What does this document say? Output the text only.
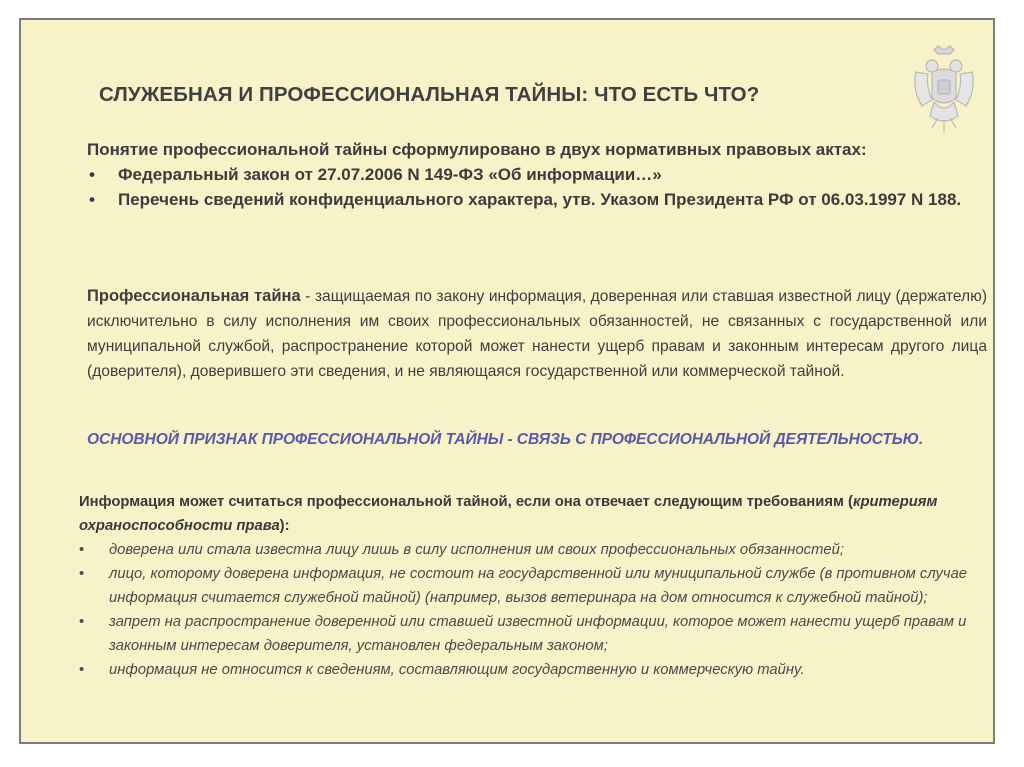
СЛУЖЕБНАЯ И ПРОФЕССИОНАЛЬНАЯ ТАЙНЫ: ЧТО ЕСТЬ ЧТО?
Понятие профессиональной тайны сформулировано в двух нормативных правовых актах:
• Федеральный закон от 27.07.2006 N 149-ФЗ «Об информации…»
• Перечень сведений конфиденциального характера, утв. Указом Президента РФ от 06.03.1997 N 188.
Профессиональная тайна - защищаемая по закону информация, доверенная или ставшая известной лицу (держателю) исключительно в силу исполнения им своих профессиональных обязанностей, не связанных с государственной или муниципальной службой, распространение которой может нанести ущерб правам и законным интересам другого лица (доверителя), доверившего эти сведения, и не являющаяся государственной или коммерческой тайной.

ОСНОВНОЙ ПРИЗНАК ПРОФЕССИОНАЛЬНОЙ ТАЙНЫ - СВЯЗЬ С ПРОФЕССИОНАЛЬНОЙ ДЕЯТЕЛЬНОСТЬЮ.

Информация может считаться профессиональной тайной, если она отвечает следующим требованиям (критериям охраноспособности права):
• доверена или стала известна лицу лишь в силу исполнения им своих профессиональных обязанностей;
• лицо, которому доверена информация, не состоит на государственной или муниципальной службе (в противном случае информация считается служебной тайной) (например, вызов ветеринара на дом относится к служебной тайной);
• запрет на распространение доверенной или ставшей известной информации, которое может нанести ущерб правам и законным интересам доверителя, установлен федеральным законом;
• информация не относится к сведениям, составляющим государственную и коммерческую тайну.
